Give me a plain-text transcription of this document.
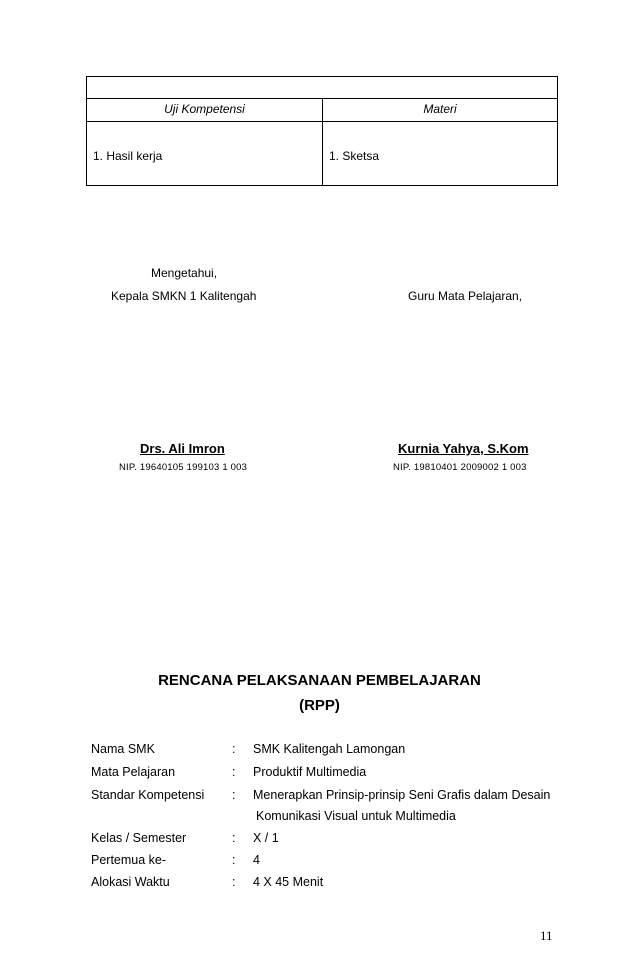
Uji Kompetensi	Materi
1. Hasil kerja	1. Sketsa
Mengetahui,
Kepala SMKN 1 Kalitengah	Guru Mata Pelajaran,
Drs. Ali Imron
NIP. 19640105 199103 1 003
Kurnia Yahya, S.Kom
NIP. 19810401 2009002 1 003
RENCANA PELAKSANAAN PEMBELAJARAN
(RPP)
Nama SMK	: SMK Kalitengah Lamongan
Mata Pelajaran	: Produktif Multimedia
Standar Kompetensi : Menerapkan Prinsip-prinsip Seni Grafis dalam Desain
Komunikasi Visual untuk Multimedia
Kelas / Semester	: X / 1
Pertemua ke-	: 4
Alokasi Waktu	: 4 X 45 Menit
11
